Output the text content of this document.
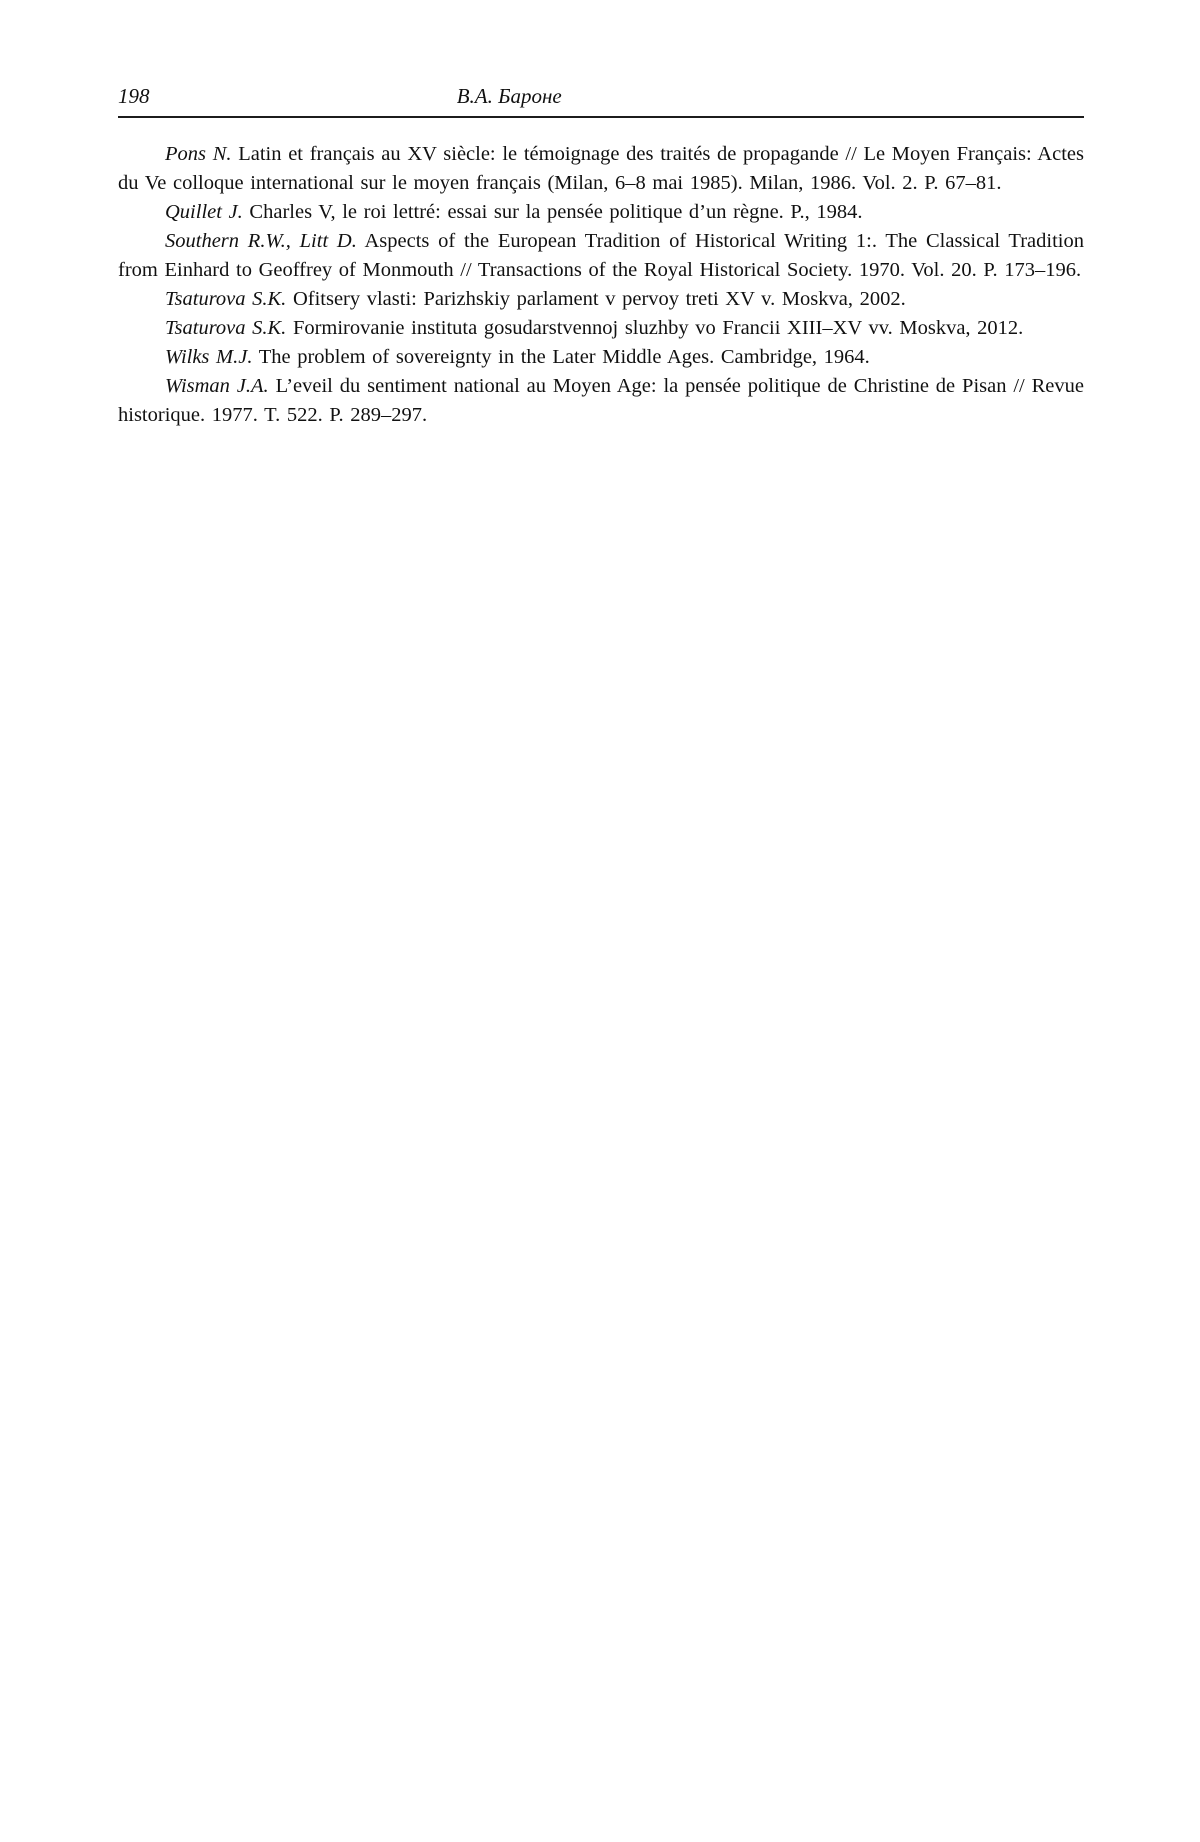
198	В.А. Бароне

Pons N. Latin et français au XV siècle: le témoignage des traités de propagande // Le Moyen Français: Actes du Ve colloque international sur le moyen français (Milan, 6–8 mai 1985). Milan, 1986. Vol. 2. P. 67–81.

Quillet J. Charles V, le roi lettré: essai sur la pensée politique d’un règne. P., 1984.

Southern R.W., Litt D. Aspects of the European Tradition of Historical Writing 1:. The Classical Tradition from Einhard to Geoffrey of Monmouth // Transactions of the Royal Historical Society. 1970. Vol. 20. P. 173–196.

Tsaturova S.K. Ofitsery vlasti: Parizhskiy parlament v pervoy treti XV v. Moskva, 2002.

Tsaturova S.K. Formirovanie instituta gosudarstvennoj sluzhby vo Francii XIII–XV vv. Moskva, 2012.

Wilks M.J. The problem of sovereignty in the Later Middle Ages. Cambridge, 1964.

Wisman J.A. L’eveil du sentiment national au Moyen Age: la pensée politique de Christine de Pisan // Revue historique. 1977. T. 522. P. 289–297.
